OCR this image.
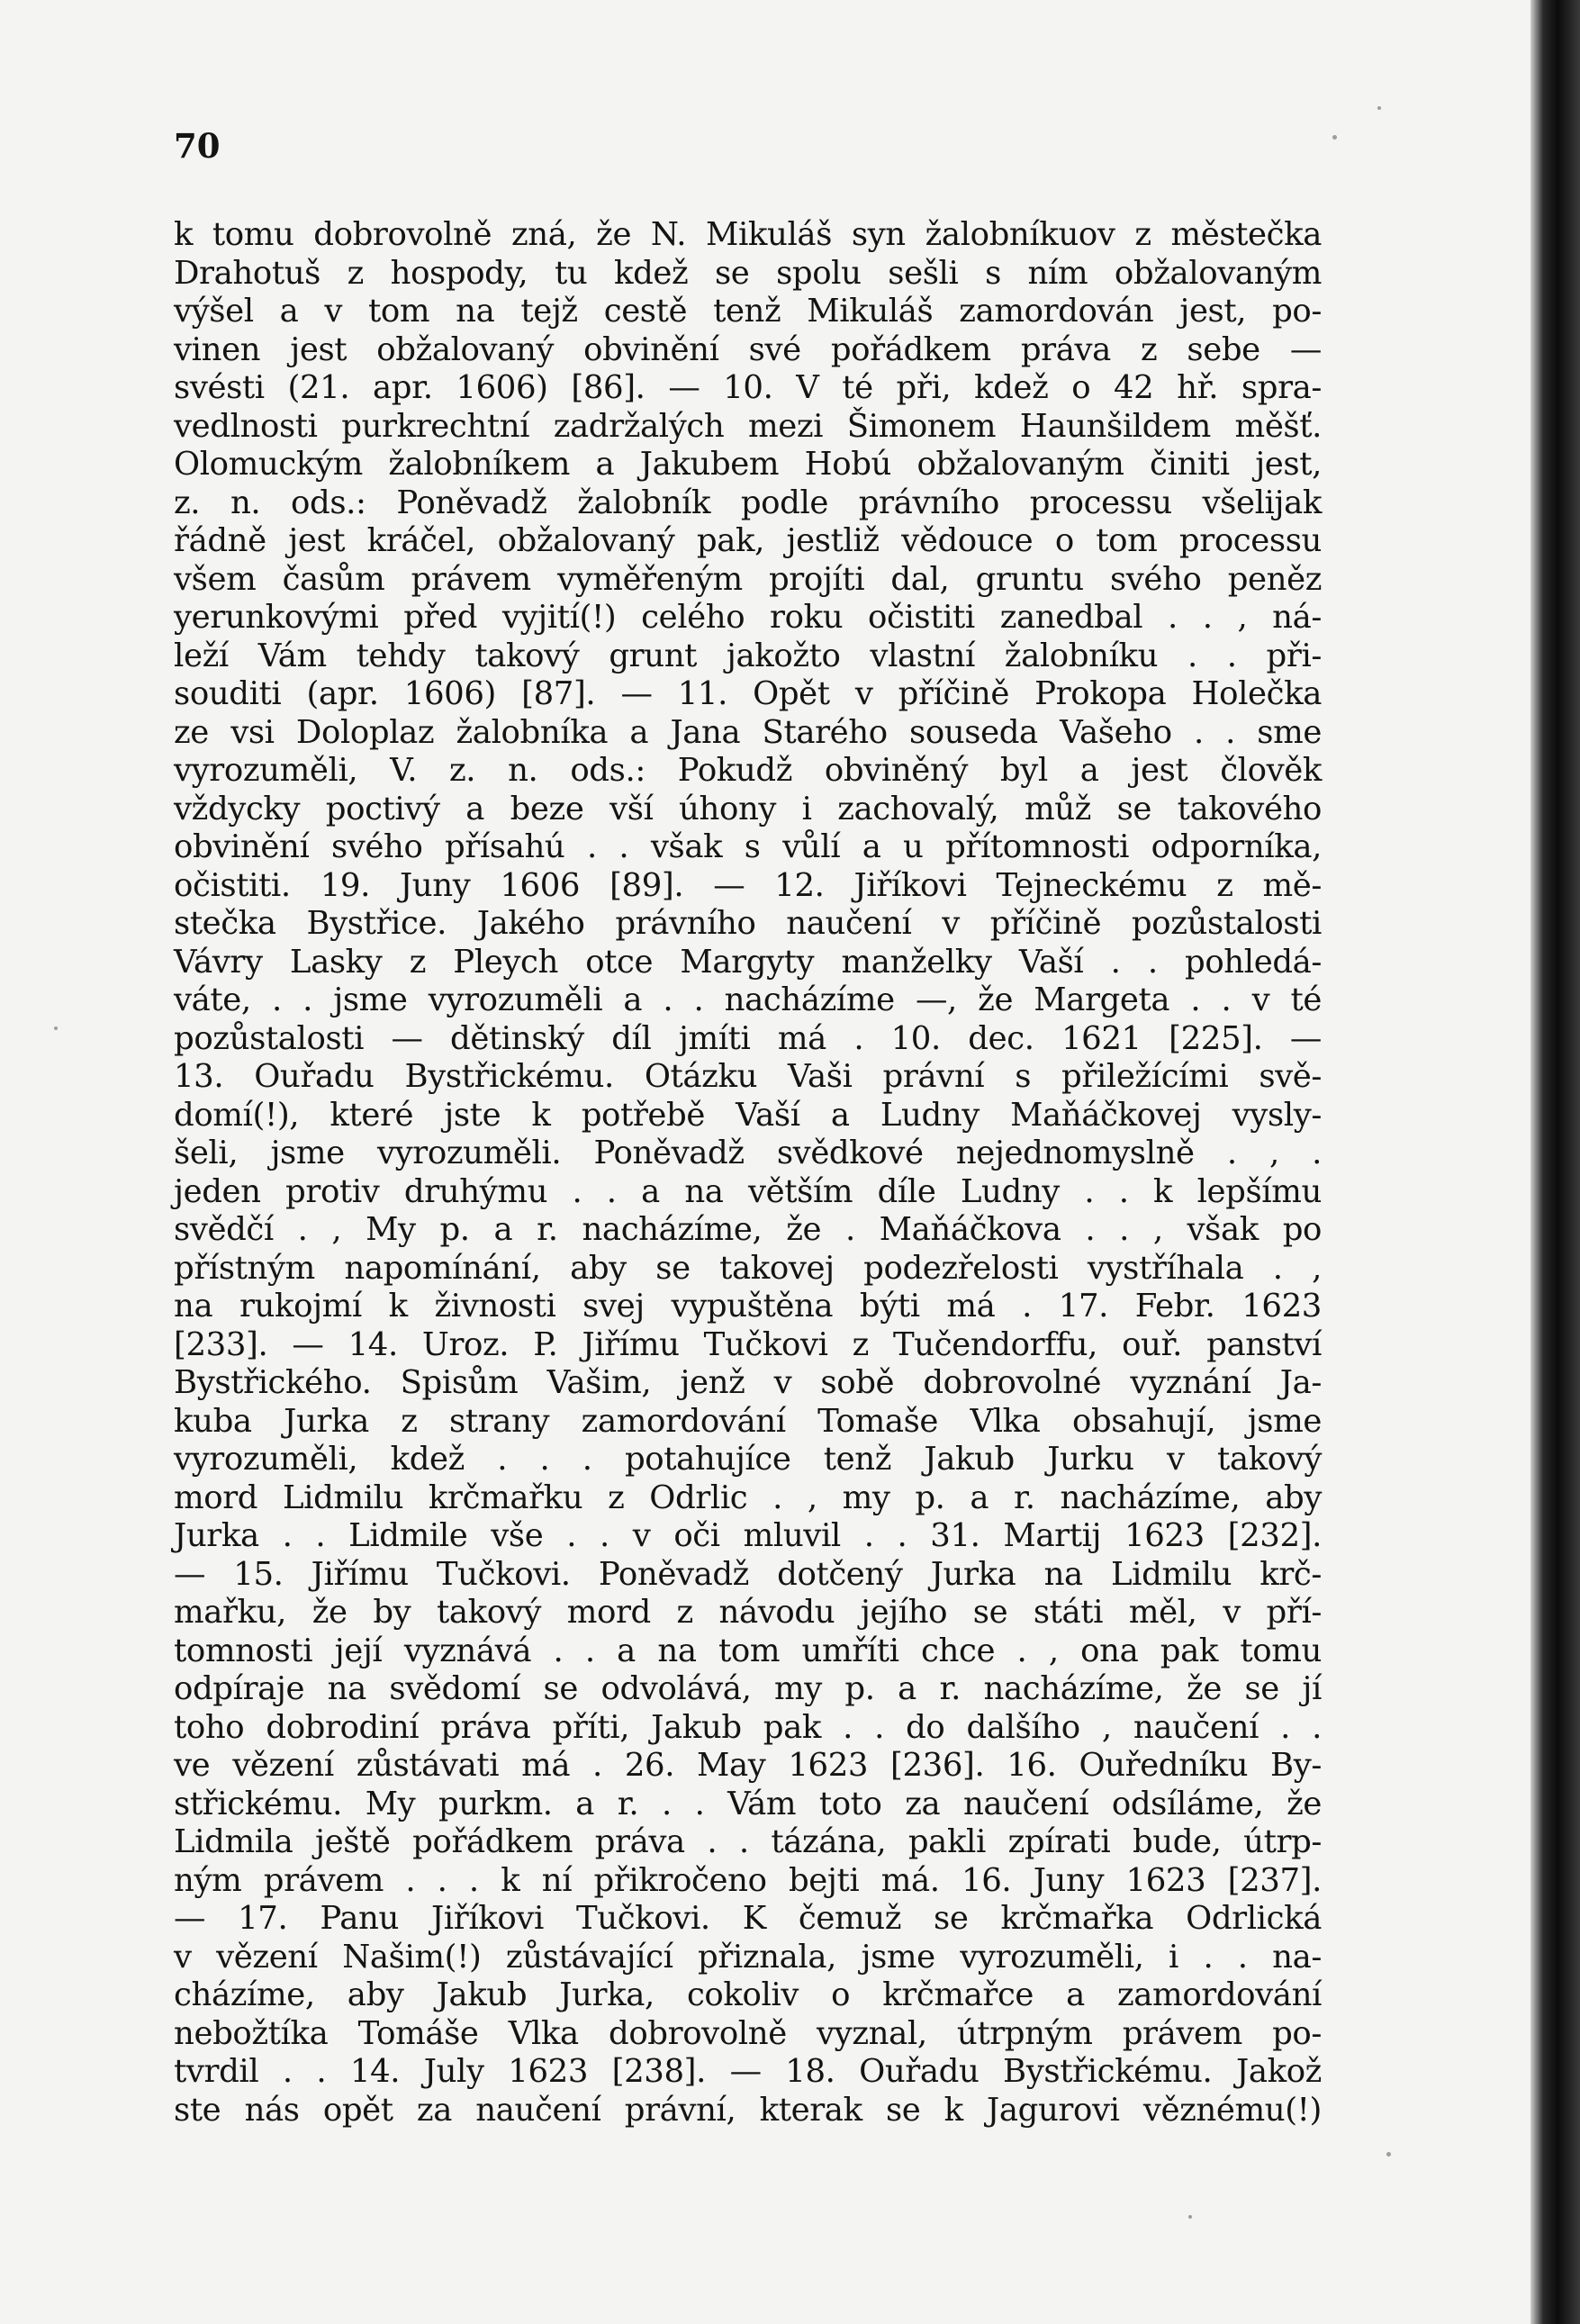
70
k tomu dobrovolně zná, že N. Mikuláš syn žalobníkuov z městečka
Drahotuš z hospody, tu kdež se spolu sešli s ním obžalovaným
výšel a v tom na tejž cestě tenž Mikuláš zamordován jest, po-
vinen jest obžalovaný obvinění své pořádkem práva z sebe —
svésti (21. apr. 1606) [86]. — 10. V té při, kdež o 42 hř. spra-
vedlnosti purkrechtní zadržalých mezi Šimonem Haunšildem měšť.
Olomuckým žalobníkem a Jakubem Hobú obžalovaným činiti jest,
z. n. ods.: Poněvadž žalobník podle právního processu všelijak
řádně jest kráčel, obžalovaný pak, jestliž vědouce o tom processu
všem časům právem vyměřeným projíti dal, gruntu svého peněz
yerunkovými před vyjití(!) celého roku očistiti zanedbal . . , ná-
leží Vám tehdy takový grunt jakožto vlastní žalobníku . . při-
souditi (apr. 1606) [87]. — 11. Opět v příčině Prokopa Holečka
ze vsi Doloplaz žalobníka a Jana Starého souseda Vašeho . . sme
vyrozuměli, V. z. n. ods.: Pokudž obviněný byl a jest člověk
vždycky poctivý a beze vší úhony i zachovalý, můž se takového
obvinění svého přísahú . . však s vůlí a u přítomnosti odporníka,
očistiti. 19. Juny 1606 [89]. — 12. Jiříkovi Tejneckému z mě-
stečka Bystřice. Jakého právního naučení v příčině pozůstalosti
Vávry Lasky z Pleych otce Margyty manželky Vaší . . pohledá-
váte, . . jsme vyrozuměli a . . nacházíme —, že Margeta . . v té
pozůstalosti — dětinský díl jmíti má . 10. dec. 1621 [225]. —
13. Ouřadu Bystřickému. Otázku Vaši právní s přiležícími svě-
domí(!), které jste k potřebě Vaší a Ludny Maňáčkovej vysly-
šeli, jsme vyrozuměli. Poněvadž svědkové nejednomyslně . , .
jeden protiv druhýmu . . a na větším díle Ludny . . k lepšímu
svědčí . , My p. a r. nacházíme, že . Maňáčkova . . , však po
přístným napomínání, aby se takovej podezřelosti vystříhala . ,
na rukojmí k živnosti svej vypuštěna býti má . 17. Febr. 1623
[233]. — 14. Uroz. P. Jiřímu Tučkovi z Tučendorffu, ouř. panství
Bystřického. Spisům Vašim, jenž v sobě dobrovolné vyznání Ja-
kuba Jurka z strany zamordování Tomaše Vlka obsahují, jsme
vyrozuměli, kdež . . . potahujíce tenž Jakub Jurku v takový
mord Lidmilu krčmařku z Odrlic . , my p. a r. nacházíme, aby
Jurka . . Lidmile vše . . v oči mluvil . . 31. Martij 1623 [232].
— 15. Jiřímu Tučkovi. Poněvadž dotčený Jurka na Lidmilu krč-
mařku, že by takový mord z návodu jejího se státi měl, v pří-
tomnosti její vyznává . . a na tom umříti chce . , ona pak tomu
odpíraje na svědomí se odvolává, my p. a r. nacházíme, že se jí
toho dobrodiní práva příti, Jakub pak . . do dalšího , naučení . .
ve vězení zůstávati má . 26. May 1623 [236]. 16. Ouředníku By-
střickému. My purkm. a r. . . Vám toto za naučení odsíláme, že
Lidmila ještě pořádkem práva . . tázána, pakli zpírati bude, útrp-
ným právem . . . k ní přikročeno bejti má. 16. Juny 1623 [237].
— 17. Panu Jiříkovi Tučkovi. K čemuž se krčmařka Odrlická
v vězení Našim(!) zůstávající přiznala, jsme vyrozuměli, i . . na-
cházíme, aby Jakub Jurka, cokoliv o krčmařce a zamordování
nebožtíka Tomáše Vlka dobrovolně vyznal, útrpným právem po-
tvrdil . . 14. July 1623 [238]. — 18. Ouřadu Bystřickému. Jakož
ste nás opět za naučení právní, kterak se k Jagurovi věznému(!)
